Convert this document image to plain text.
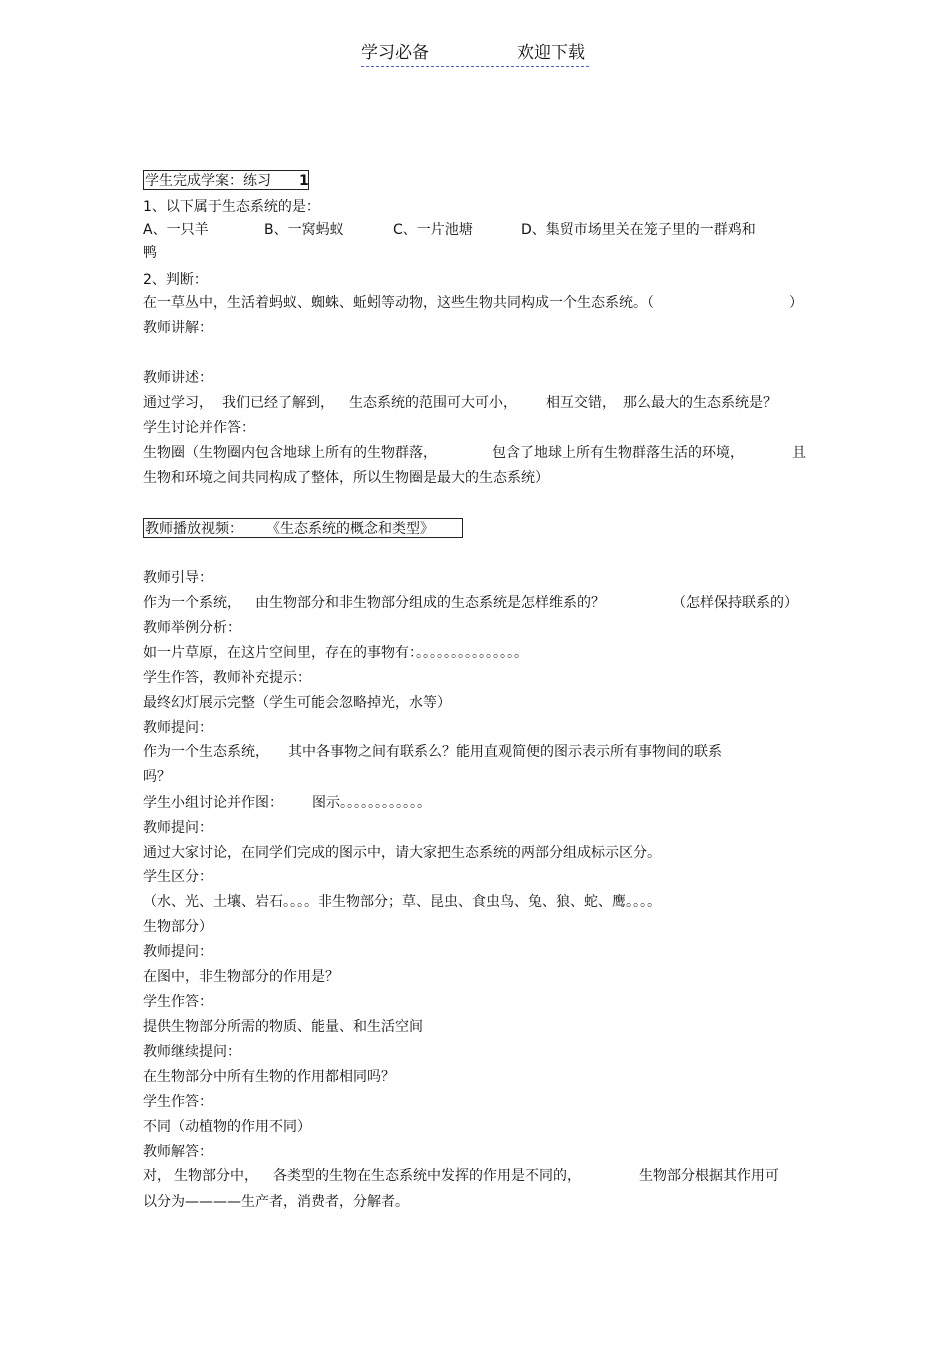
学习必备	欢迎下载
学生完成学案：练习 1
1、以下属于生态系统的是：
A、一只羊	B、一窝蚂蚁	C、一片池塘	D、集贸市场里关在笼子里的一群鸡和
鸭
2、判断：
在一草丛中，生活着蚂蚁、蜘蛛、蚯蚓等动物，这些生物共同构成一个生态系统。（	）
教师讲解：
教师讲述：
通过学习， 我们已经了解到， 生态系统的范围可大可小， 相互交错， 那么最大的生态系统是？
学生讨论并作答：
生物圈（生物圈内包含地球上所有的生物群落，	包含了地球上所有生物群落生活的环境，	且
生物和环境之间共同构成了整体，所以生物圈是最大的生态系统）
教师播放视频： 《生态系统的概念和类型》
教师引导：
作为一个系统， 由生物部分和非生物部分组成的生态系统是怎样维系的？	（怎样保持联系的）
教师举例分析：
如一片草原，在这片空间里，存在的事物有：。。。。。。。。。。。。。。。
学生作答，教师补充提示：
最终幻灯展示完整（学生可能会忽略掉光，水等）
教师提问：
作为一个生态系统， 其中各事物之间有联系么？能用直观简便的图示表示所有事物间的联系
吗？
学生小组讨论并作图： 图示。。。。。。。。。。。。
教师提问：
通过大家讨论，在同学们完成的图示中，请大家把生态系统的两部分组成标示区分。
学生区分：
（水、光、土壤、岩石。。。。非生物部分；草、昆虫、食虫鸟、兔、狼、蛇、鹰。。。。
生物部分）
教师提问：
在图中，非生物部分的作用是？
学生作答：
提供生物部分所需的物质、能量、和生活空间
教师继续提问：
在生物部分中所有生物的作用都相同吗？
学生作答：
不同（动植物的作用不同）
教师解答：
对， 生物部分中， 各类型的生物在生态系统中发挥的作用是不同的，	生物部分根据其作用可
以分为————生产者，消费者，分解者。
